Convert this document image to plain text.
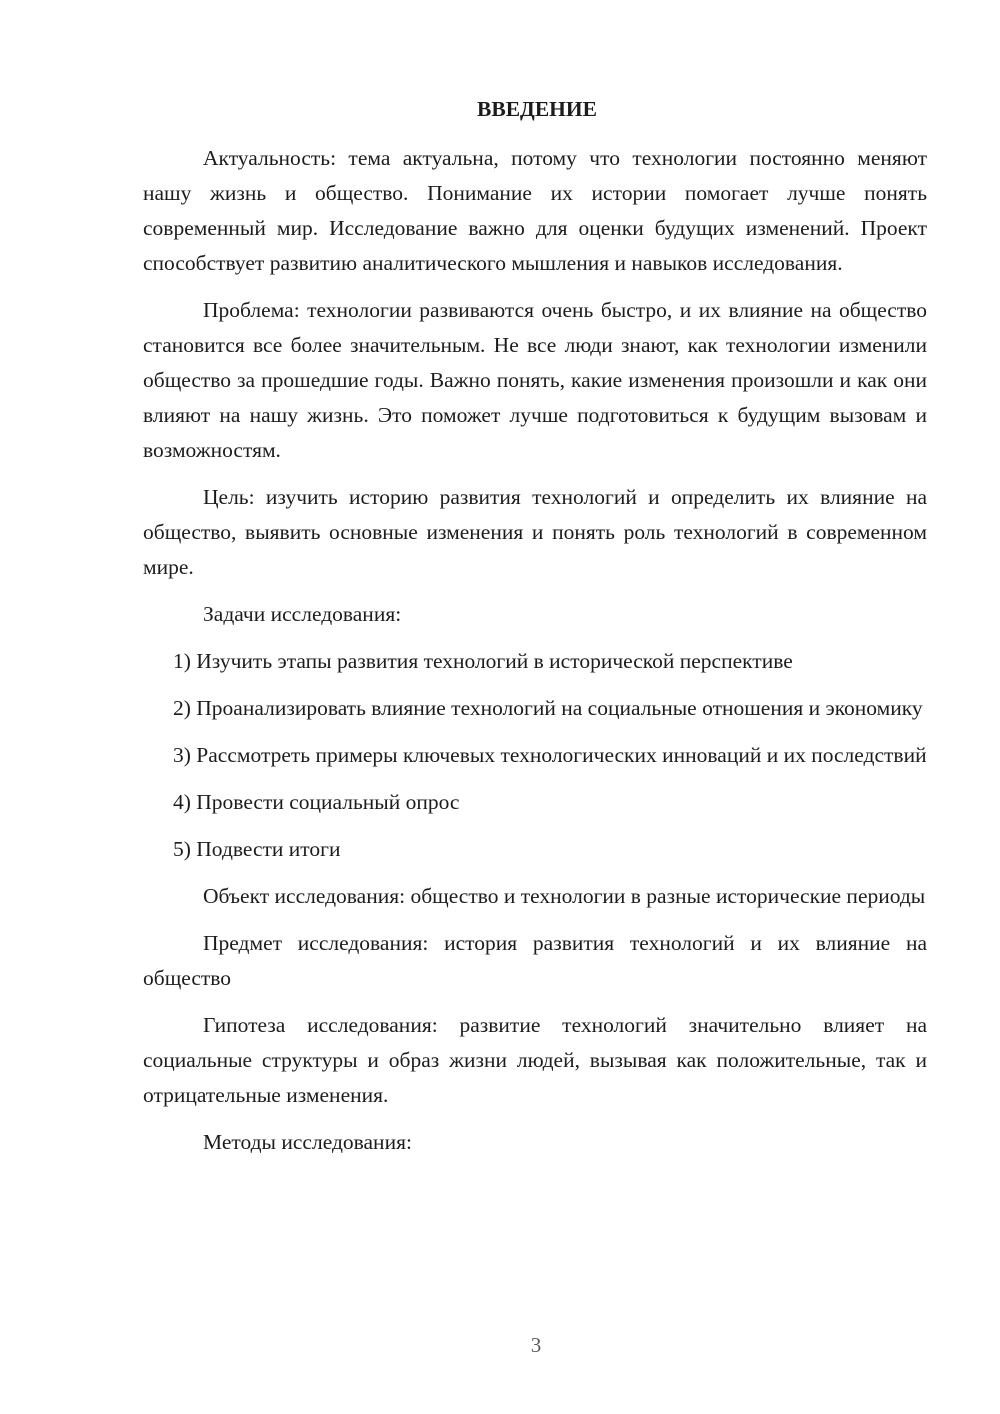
ВВЕДЕНИЕ

Актуальность: тема актуальна, потому что технологии постоянно меняют нашу жизнь и общество. Понимание их истории помогает лучше понять современный мир. Исследование важно для оценки будущих изменений. Проект способствует развитию аналитического мышления и навыков исследования.

Проблема: технологии развиваются очень быстро, и их влияние на общество становится все более значительным. Не все люди знают, как технологии изменили общество за прошедшие годы. Важно понять, какие изменения произошли и как они влияют на нашу жизнь. Это поможет лучше подготовиться к будущим вызовам и возможностям.

Цель: изучить историю развития технологий и определить их влияние на общество, выявить основные изменения и понять роль технологий в современном мире.

Задачи исследования:

1) Изучить этапы развития технологий в исторической перспективе

2) Проанализировать влияние технологий на социальные отношения и экономику

3) Рассмотреть примеры ключевых технологических инноваций и их последствий

4) Провести социальный опрос

5) Подвести итоги

Объект исследования: общество и технологии в разные исторические периоды

Предмет исследования: история развития технологий и их влияние на общество

Гипотеза исследования: развитие технологий значительно влияет на социальные структуры и образ жизни людей, вызывая как положительные, так и отрицательные изменения.

Методы исследования:

3
